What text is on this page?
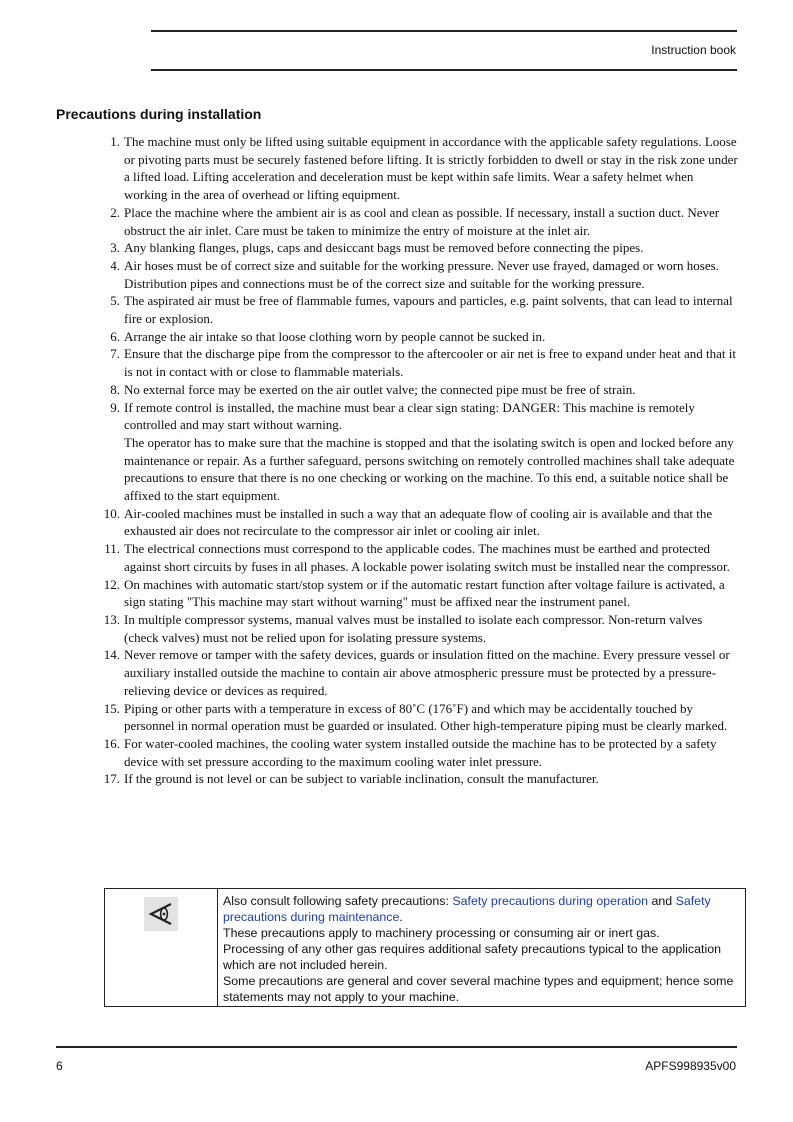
Instruction book
Precautions during installation
1. The machine must only be lifted using suitable equipment in accordance with the applicable safety regulations. Loose or pivoting parts must be securely fastened before lifting. It is strictly forbidden to dwell or stay in the risk zone under a lifted load. Lifting acceleration and deceleration must be kept within safe limits. Wear a safety helmet when working in the area of overhead or lifting equipment.
2. Place the machine where the ambient air is as cool and clean as possible. If necessary, install a suction duct. Never obstruct the air inlet. Care must be taken to minimize the entry of moisture at the inlet air.
3. Any blanking flanges, plugs, caps and desiccant bags must be removed before connecting the pipes.
4. Air hoses must be of correct size and suitable for the working pressure. Never use frayed, damaged or worn hoses. Distribution pipes and connections must be of the correct size and suitable for the working pressure.
5. The aspirated air must be free of flammable fumes, vapours and particles, e.g. paint solvents, that can lead to internal fire or explosion.
6. Arrange the air intake so that loose clothing worn by people cannot be sucked in.
7. Ensure that the discharge pipe from the compressor to the aftercooler or air net is free to expand under heat and that it is not in contact with or close to flammable materials.
8. No external force may be exerted on the air outlet valve; the connected pipe must be free of strain.
9. If remote control is installed, the machine must bear a clear sign stating: DANGER: This machine is remotely controlled and may start without warning.
The operator has to make sure that the machine is stopped and that the isolating switch is open and locked before any maintenance or repair. As a further safeguard, persons switching on remotely controlled machines shall take adequate precautions to ensure that there is no one checking or working on the machine. To this end, a suitable notice shall be affixed to the start equipment.
10. Air-cooled machines must be installed in such a way that an adequate flow of cooling air is available and that the exhausted air does not recirculate to the compressor air inlet or cooling air inlet.
11. The electrical connections must correspond to the applicable codes. The machines must be earthed and protected against short circuits by fuses in all phases. A lockable power isolating switch must be installed near the compressor.
12. On machines with automatic start/stop system or if the automatic restart function after voltage failure is activated, a sign stating "This machine may start without warning" must be affixed near the instrument panel.
13. In multiple compressor systems, manual valves must be installed to isolate each compressor. Non-return valves (check valves) must not be relied upon for isolating pressure systems.
14. Never remove or tamper with the safety devices, guards or insulation fitted on the machine. Every pressure vessel or auxiliary installed outside the machine to contain air above atmospheric pressure must be protected by a pressure-relieving device or devices as required.
15. Piping or other parts with a temperature in excess of 80˚C (176˚F) and which may be accidentally touched by personnel in normal operation must be guarded or insulated. Other high-temperature piping must be clearly marked.
16. For water-cooled machines, the cooling water system installed outside the machine has to be protected by a safety device with set pressure according to the maximum cooling water inlet pressure.
17. If the ground is not level or can be subject to variable inclination, consult the manufacturer.

Also consult following safety precautions: Safety precautions during operation and Safety precautions during maintenance.

These precautions apply to machinery processing or consuming air or inert gas.

Processing of any other gas requires additional safety precautions typical to the application which are not included herein.

Some precautions are general and cover several machine types and equipment; hence some statements may not apply to your machine.

6	APFS998935v00
